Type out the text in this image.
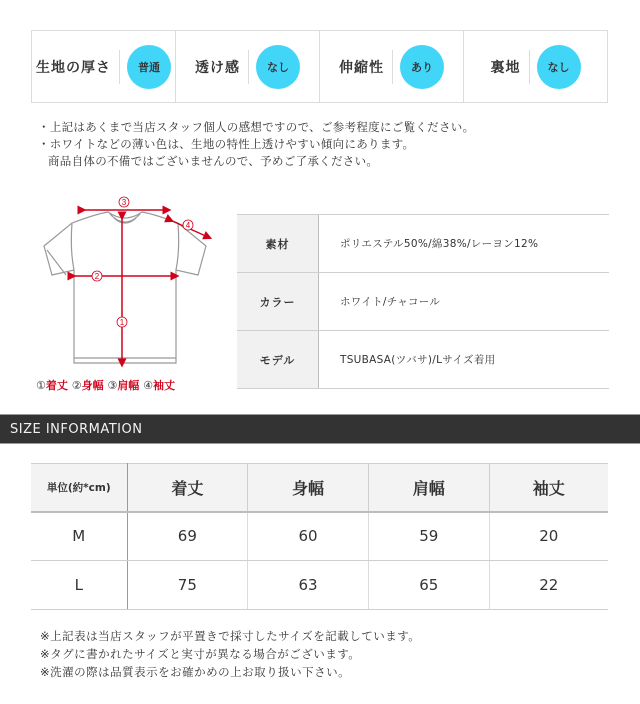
生地の厚さ	普通	透け感	なし	伸縮性	あり	裏地	なし
・上記はあくまで当店スタッフ個人の感想ですので、ご参考程度にご覧ください。
・ホワイトなどの薄い色は、生地の特性上透けやすい傾向にあります。
商品自体の不備ではございませんので、予めご了承ください。
3
4
2
1
①着丈 ②身幅 ③肩幅 ④袖丈
素材	ポリエステル50%/綿38%/レーヨン12%
カラー	ホワイト/チャコール
モデル	TSUBASA(ツバサ)/Lサイズ着用
SIZE INFORMATION
単位(約*cm)	着丈	身幅	肩幅	袖丈
M	69	60	59	20
L	75	63	65	22
※上記表は当店スタッフが平置きで採寸したサイズを記載しています。
※タグに書かれたサイズと実寸が異なる場合がございます。
※洗濯の際は品質表示をお確かめの上お取り扱い下さい。
